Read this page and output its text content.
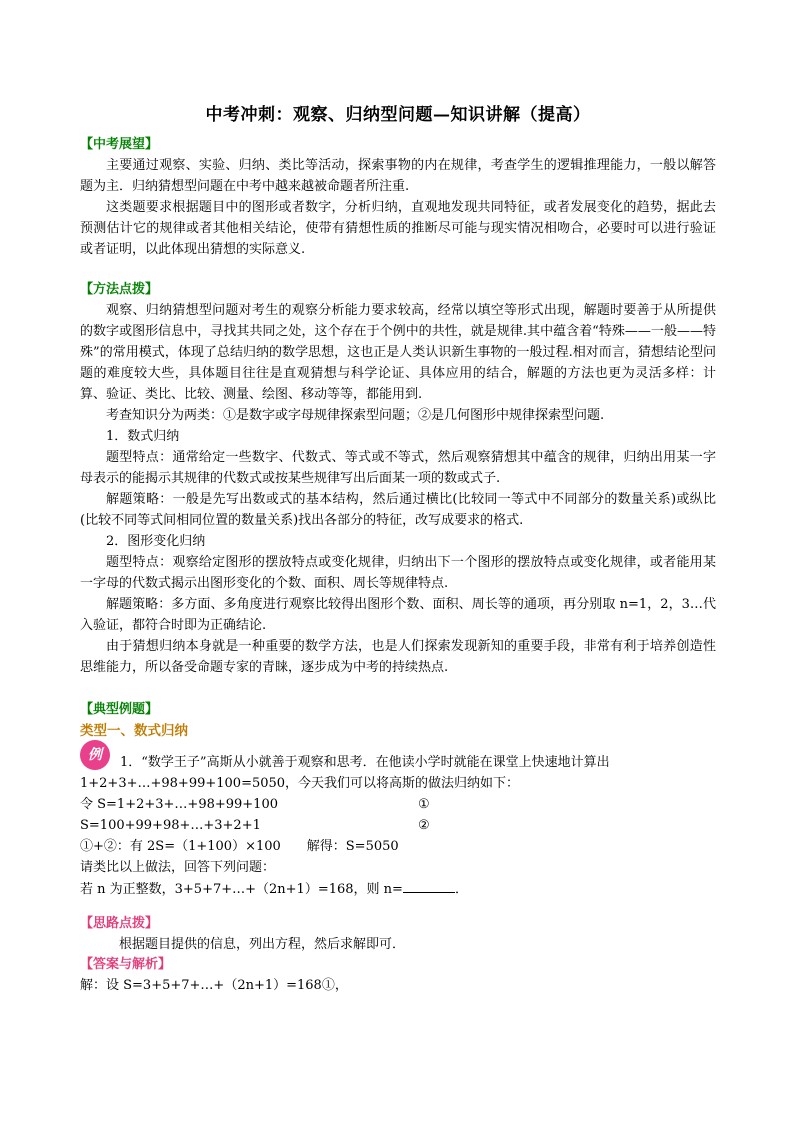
中考冲刺：观察、归纳型问题—知识讲解（提高）

【中考展望】

主要通过观察、实验、归纳、类比等活动，探索事物的内在规律，考查学生的逻辑推理能力，一般以解答题为主．归纳猜想型问题在中考中越来越被命题者所注重.

这类题要求根据题目中的图形或者数字，分析归纳，直观地发现共同特征，或者发展变化的趋势，据此去预测估计它的规律或者其他相关结论，使带有猜想性质的推断尽可能与现实情况相吻合，必要时可以进行验证或者证明，以此体现出猜想的实际意义.

【方法点拨】

观察、归纳猜想型问题对考生的观察分析能力要求较高，经常以填空等形式出现，解题时要善于从所提供的数字或图形信息中，寻找其共同之处，这个存在于个例中的共性，就是规律.其中蕴含着“特殊——一般——特殊”的常用模式，体现了总结归纳的数学思想，这也正是人类认识新生事物的一般过程.相对而言，猜想结论型问题的难度较大些，具体题目往往是直观猜想与科学论证、具体应用的结合，解题的方法也更为灵活多样：计算、验证、类比、比较、测量、绘图、移动等等，都能用到.

考查知识分为两类：①是数字或字母规律探索型问题；②是几何图形中规律探索型问题.

1．数式归纳

题型特点：通常给定一些数字、代数式、等式或不等式，然后观察猜想其中蕴含的规律，归纳出用某一字母表示的能揭示其规律的代数式或按某些规律写出后面某一项的数或式子.

解题策略：一般是先写出数或式的基本结构，然后通过横比(比较同一等式中不同部分的数量关系)或纵比(比较不同等式间相同位置的数量关系)找出各部分的特征，改写成要求的格式.

2．图形变化归纳

题型特点：观察给定图形的摆放特点或变化规律，归纳出下一个图形的摆放特点或变化规律，或者能用某一字母的代数式揭示出图形变化的个数、面积、周长等规律特点.

解题策略：多方面、多角度进行观察比较得出图形个数、面积、周长等的通项，再分别取 n=1，2，3…代入验证，都符合时即为正确结论.

由于猜想归纳本身就是一种重要的数学方法，也是人们探索发现新知的重要手段，非常有利于培养创造性思维能力，所以备受命题专家的青睐，逐步成为中考的持续热点.

【典型例题】

类型一、数式归纳

例	1．“数学王子”高斯从小就善于观察和思考．在他读小学时就能在课堂上快速地计算出

1+2+3+…+98+99+100=5050，今天我们可以将高斯的做法归纳如下：

令 S=1+2+3+…+98+99+100	①
S=100+99+98+…+3+2+1	②

①+②：有 2S=（1+100）×100　　解得：S=5050

请类比以上做法，回答下列问题：

若 n 为正整数，3+5+7+…+（2n+1）=168，则 n=	．

【思路点拨】

根据题目提供的信息，列出方程，然后求解即可．

【答案与解析】

解：设 S=3+5+7+…+（2n+1）=168①，
